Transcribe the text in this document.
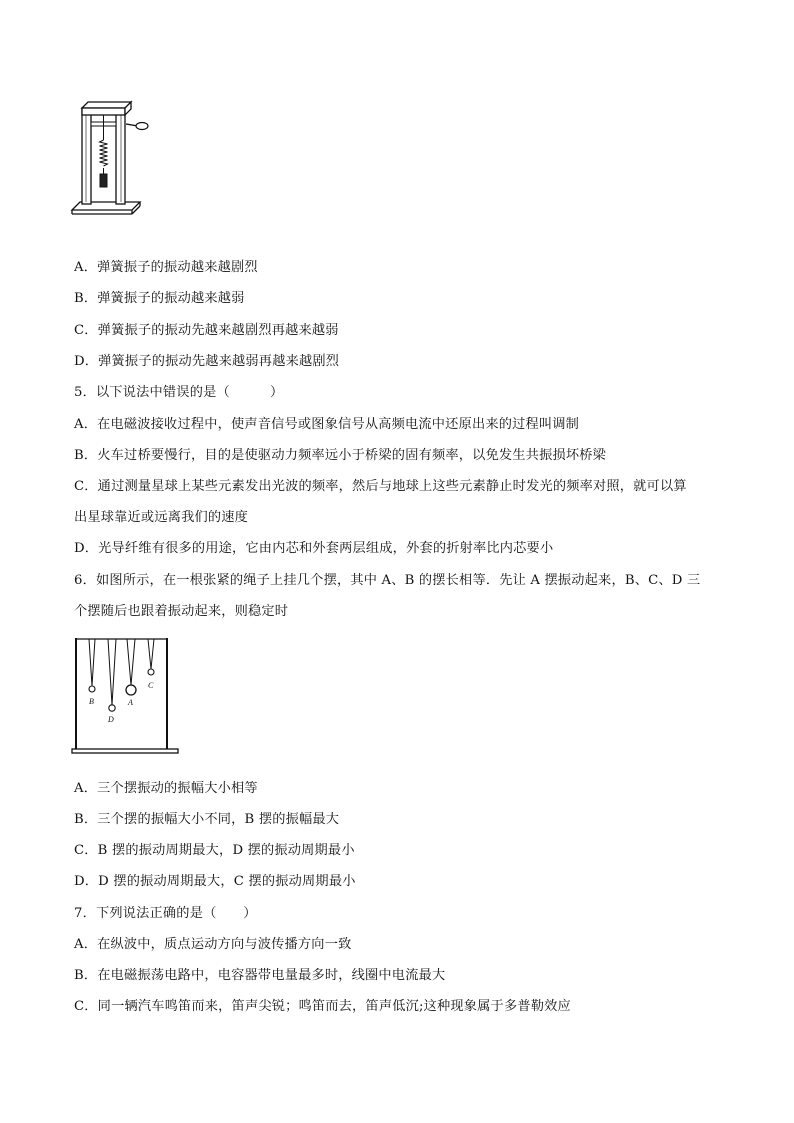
A．弹簧振子的振动越来越剧烈
B．弹簧振子的振动越来越弱
C．弹簧振子的振动先越来越剧烈再越来越弱
D．弹簧振子的振动先越来越弱再越来越剧烈
5．以下说法中错误的是（　　　）
A．在电磁波接收过程中，使声音信号或图象信号从高频电流中还原出来的过程叫调制
B．火车过桥要慢行，目的是使驱动力频率远小于桥梁的固有频率，以免发生共振损坏桥梁
C．通过测量星球上某些元素发出光波的频率，然后与地球上这些元素静止时发光的频率对照，就可以算
出星球靠近或远离我们的速度
D．光导纤维有很多的用途，它由内芯和外套两层组成，外套的折射率比内芯要小
6．如图所示，在一根张紧的绳子上挂几个摆，其中 A、B 的摆长相等．先让 A 摆振动起来，B、C、D 三
个摆随后也跟着振动起来，则稳定时
B
D
A
C
A．三个摆振动的振幅大小相等
B．三个摆的振幅大小不同，B 摆的振幅最大
C．B 摆的振动周期最大，D 摆的振动周期最小
D．D 摆的振动周期最大，C 摆的振动周期最小
7．下列说法正确的是（　　）
A．在纵波中，质点运动方向与波传播方向一致
B．在电磁振荡电路中，电容器带电量最多时，线圈中电流最大
C．同一辆汽车鸣笛而来，笛声尖锐；鸣笛而去，笛声低沉;这种现象属于多普勒效应
